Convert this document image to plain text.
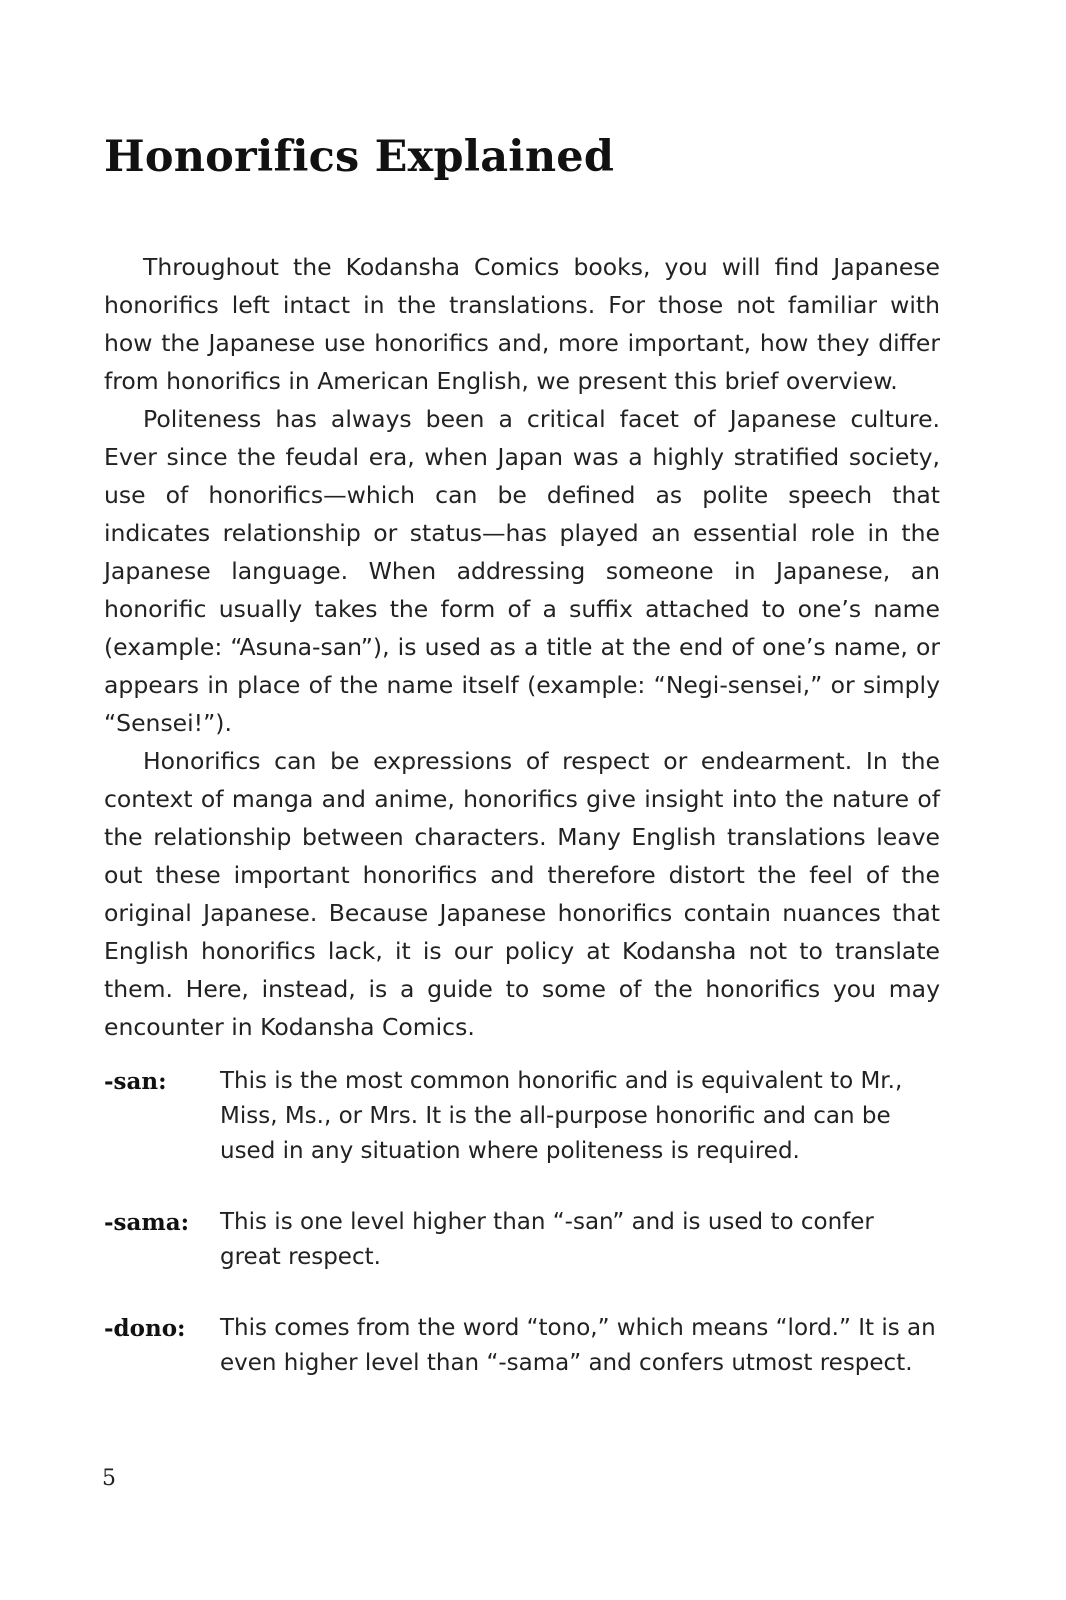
Honorifics Explained

Throughout the Kodansha Comics books, you will find Japanese honorifics left intact in the translations. For those not familiar with how the Japanese use honorifics and, more important, how they differ from honorifics in American English, we present this brief overview.

Politeness has always been a critical facet of Japanese culture. Ever since the feudal era, when Japan was a highly stratified society, use of honorifics—which can be defined as polite speech that indicates relationship or status—has played an essential role in the Japanese language. When addressing someone in Japanese, an honorific usually takes the form of a suffix attached to one’s name (example: “Asuna-san”), is used as a title at the end of one’s name, or appears in place of the name itself (example: “Negi-sensei,” or simply “Sensei!”).

Honorifics can be expressions of respect or endearment. In the context of manga and anime, honorifics give insight into the nature of the relationship between characters. Many English translations leave out these important honorifics and therefore distort the feel of the original Japanese. Because Japanese honorifics contain nuances that English honorifics lack, it is our policy at Kodansha not to translate them. Here, instead, is a guide to some of the honorifics you may encounter in Kodansha Comics.

-san:	This is the most common honorific and is equivalent to Mr., Miss, Ms., or Mrs. It is the all-purpose honorific and can be used in any situation where politeness is required.
-sama:	This is one level higher than “-san” and is used to confer great respect.
-dono:	This comes from the word “tono,” which means “lord.” It is an even higher level than “-sama” and confers utmost respect.
5
